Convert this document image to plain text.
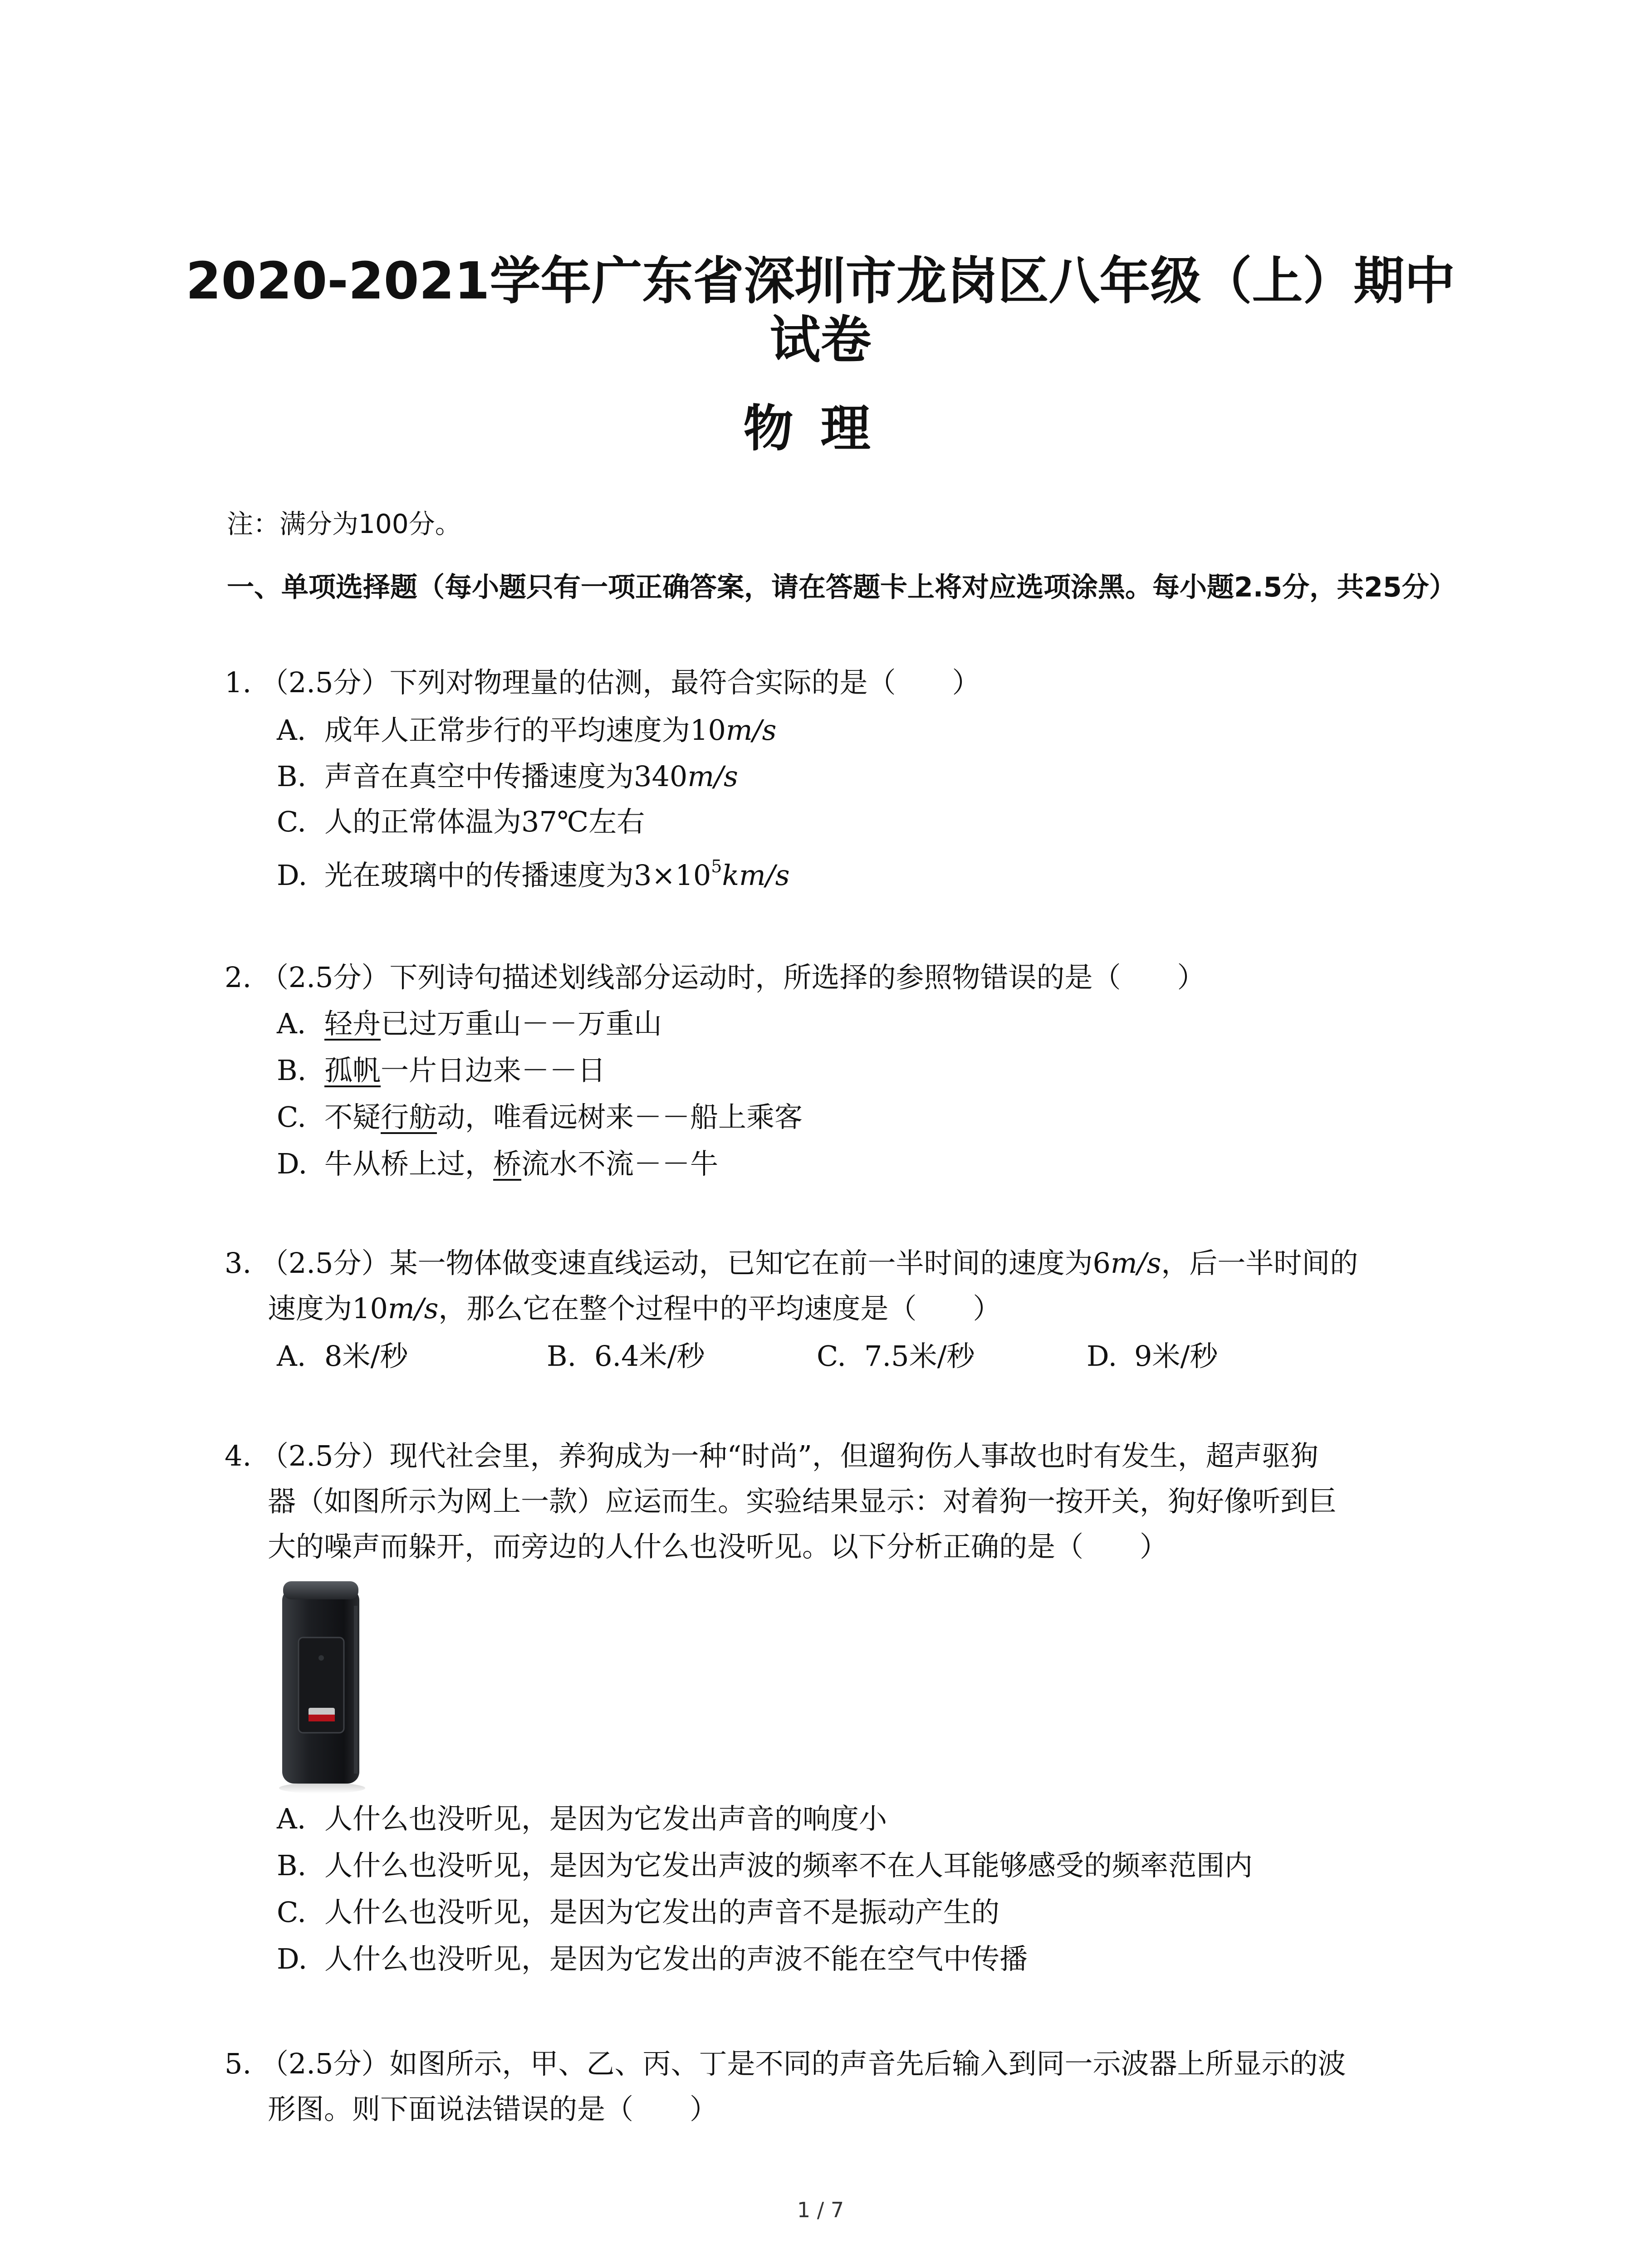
2020-2021学年广东省深圳市龙岗区八年级（上）期中
试卷
物理
注：满分为100分。
一、单项选择题（每小题只有一项正确答案，请在答题卡上将对应选项涂黑。每小题2.5分，共25分）
1. （2.5分）下列对物理量的估测，最符合实际的是（　　）
A. 成年人正常步行的平均速度为10m/s
B. 声音在真空中传播速度为340m/s
C. 人的正常体温为37℃左右
D. 光在玻璃中的传播速度为$3\times 10^5km/s$
2. （2.5分）下列诗句描述划线部分运动时，所选择的参照物错误的是（　　）
A. 轻舟已过万重山－－万重山
B. 孤帆一片日边来－－日
C. 不疑行舫动，唯看远树来－－船上乘客
D. 牛从桥上过，桥流水不流－－牛
3. （2.5分）某一物体做变速直线运动，已知它在前一半时间的速度为6m/s，后一半时间的
速度为10m/s，那么它在整个过程中的平均速度是（　　）
A. 8米/秒	B. 6.4米/秒	C. 7.5米/秒	D. 9米/秒
4. （2.5分）现代社会里，养狗成为一种“时尚”，但遛狗伤人事故也时有发生，超声驱狗
器（如图所示为网上一款）应运而生。实验结果显示：对着狗一按开关，狗好像听到巨
大的噪声而躲开，而旁边的人什么也没听见。以下分析正确的是（　　）
A. 人什么也没听见，是因为它发出声音的响度小
B. 人什么也没听见，是因为它发出声波的频率不在人耳能够感受的频率范围内
C. 人什么也没听见，是因为它发出的声音不是振动产生的
D. 人什么也没听见，是因为它发出的声波不能在空气中传播
5. （2.5分）如图所示，甲、乙、丙、丁是不同的声音先后输入到同一示波器上所显示的波
形图。则下面说法错误的是（　　）
1 / 7
